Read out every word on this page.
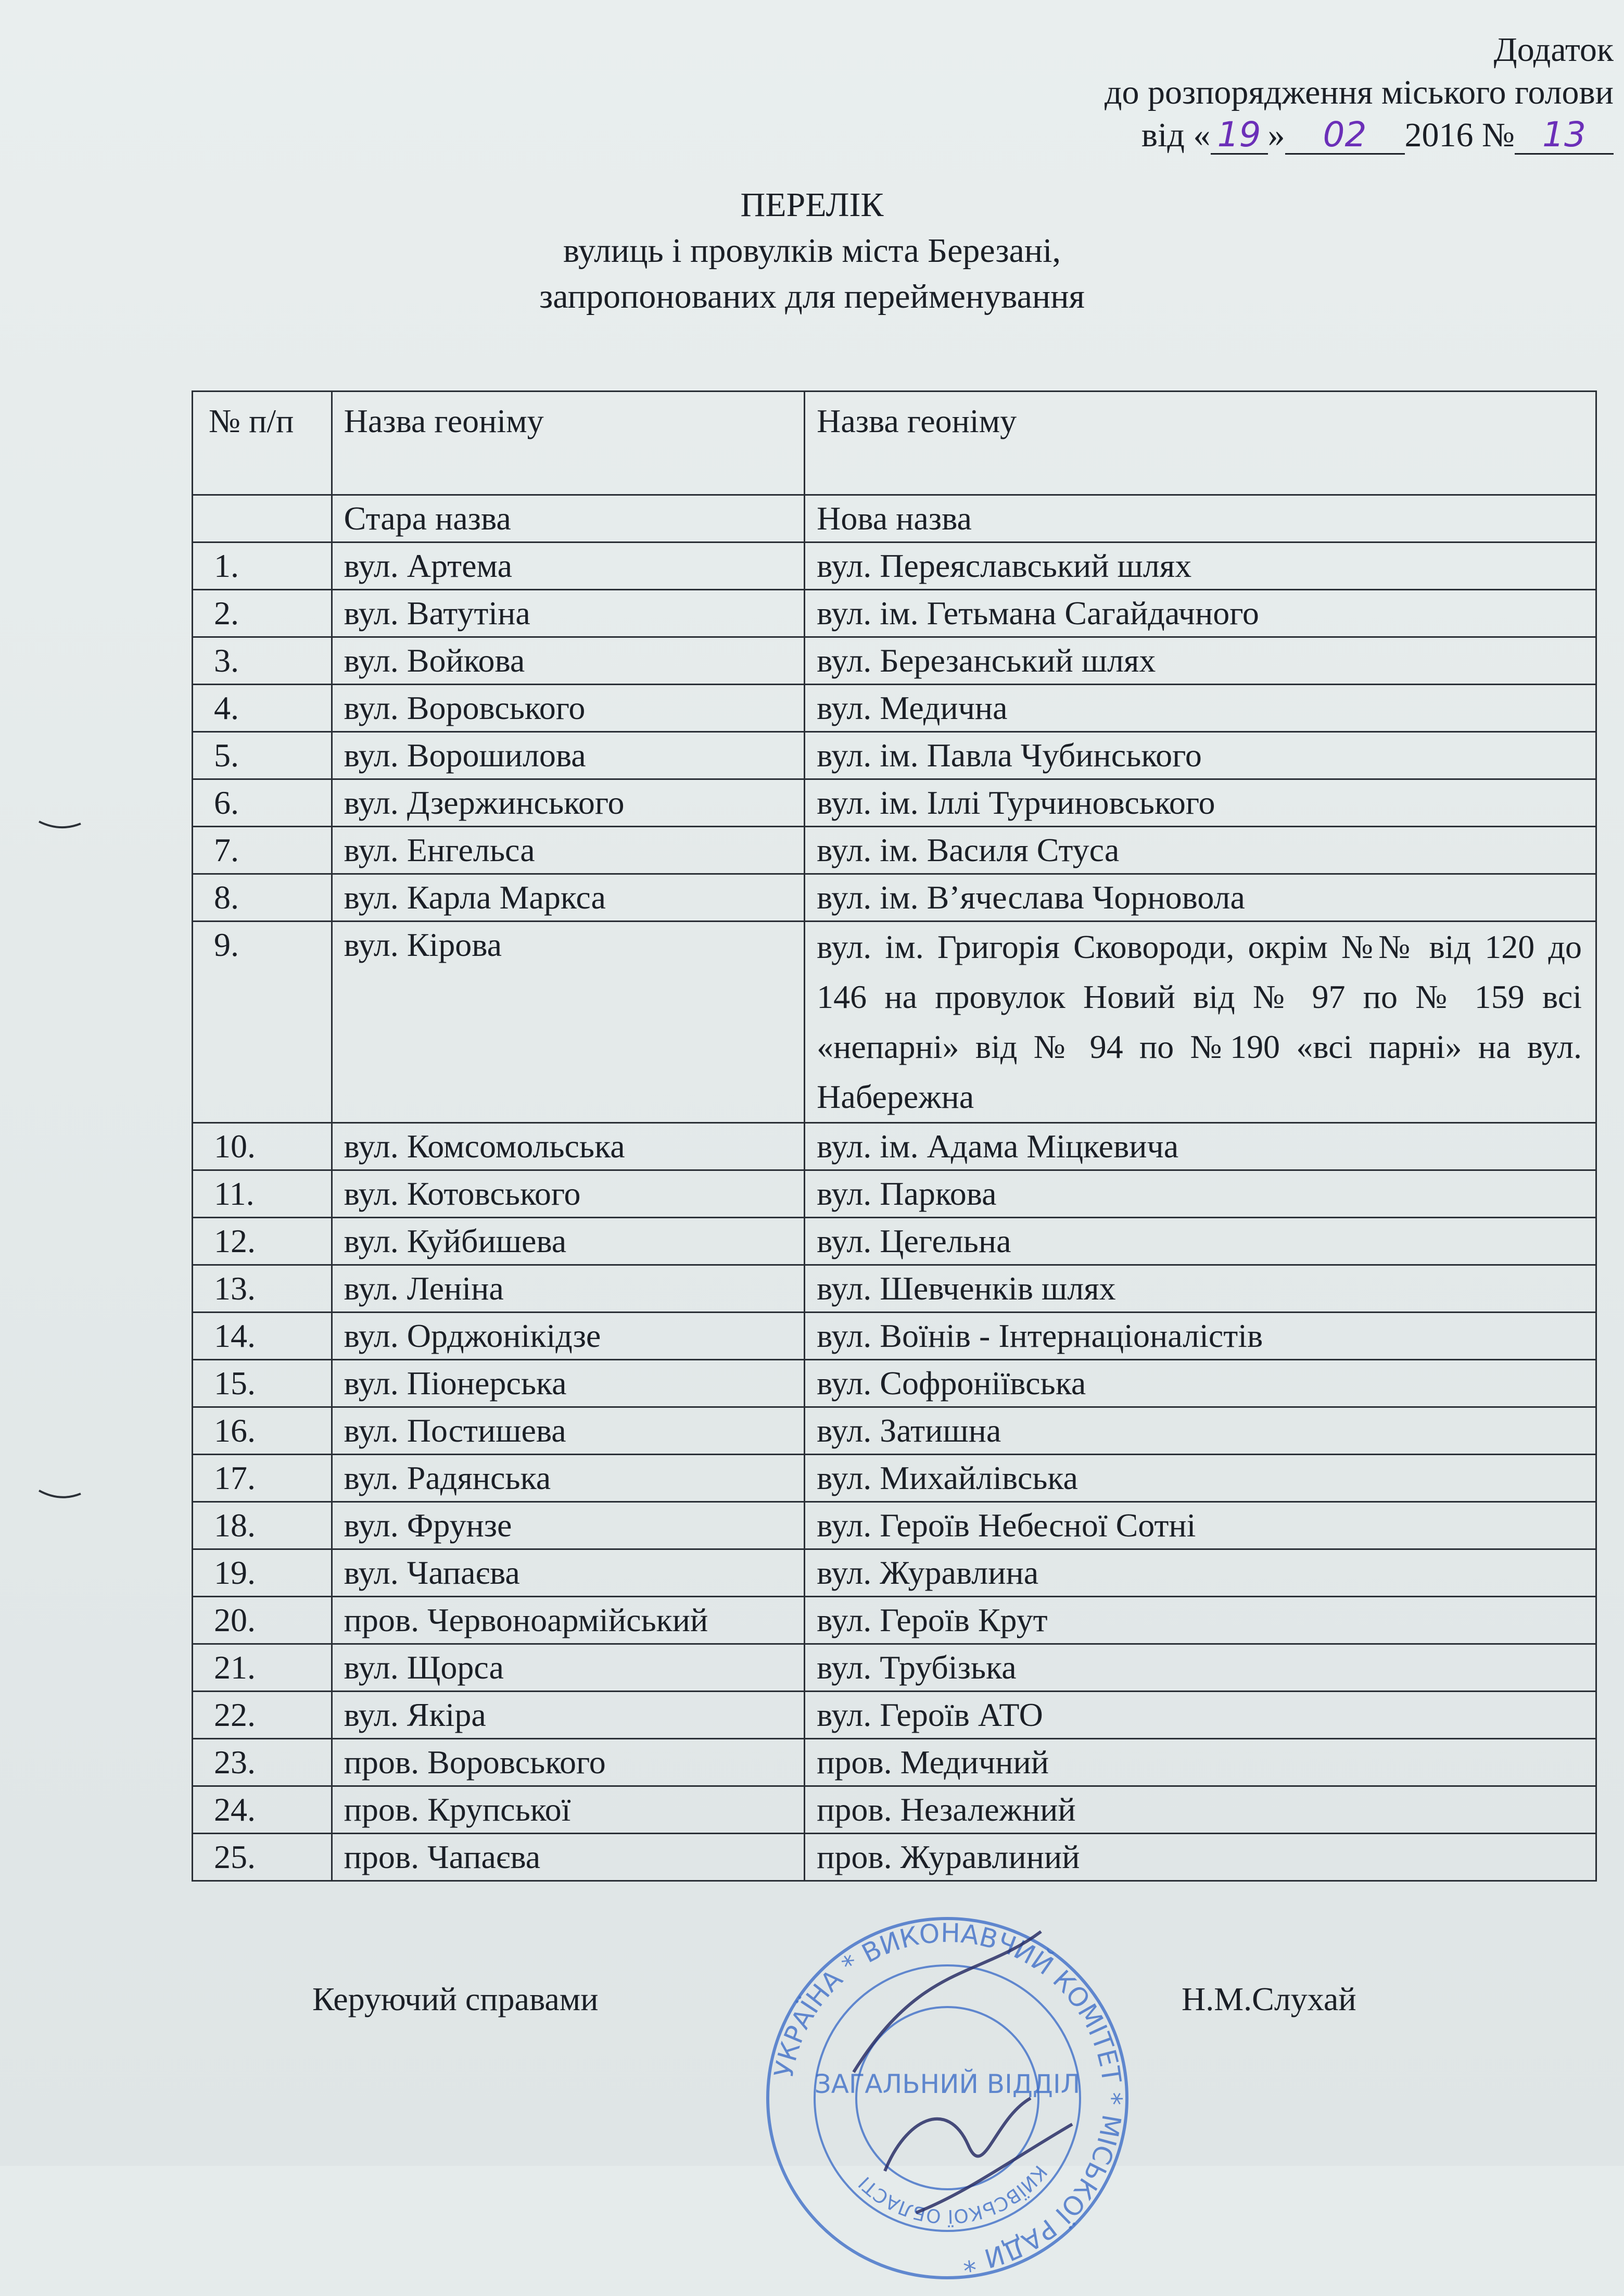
Додаток
до розпорядження міського голови
від « 19 » 02 2016 № 13
ПЕРЕЛІК
вулиць і провулків міста Березані,
запропонованих для перейменування
№ п/п	Назва геоніму	Назва геоніму
	Стара назва	Нова назва
1.	вул. Артема	вул. Переяславський шлях
2.	вул. Ватутіна	вул. ім. Гетьмана Сагайдачного
3.	вул. Войкова	вул. Березанський шлях
4.	вул. Воровського	вул. Медична
5.	вул. Ворошилова	вул. ім. Павла Чубинського
6.	вул. Дзержинського	вул. ім. Іллі Турчиновського
7.	вул. Енгельса	вул. ім. Василя Стуса
8.	вул. Карла Маркса	вул. ім. В’ячеслава Чорновола
9.	вул. Кірова	вул. ім. Григорія Сковороди, окрім №№ від 120 до 146 на провулок Новий від № 97 по № 159 всі «непарні» від № 94 по №190 «всі парні» на вул. Набережна
10.	вул. Комсомольська	вул. ім. Адама Міцкевича
11.	вул. Котовського	вул. Паркова
12.	вул. Куйбишева	вул. Цегельна
13.	вул. Леніна	вул. Шевченків шлях
14.	вул. Орджонікідзе	вул. Воїнів - Інтернаціоналістів
15.	вул. Піонерська	вул. Софроніївська
16.	вул. Постишева	вул. Затишна
17.	вул. Радянська	вул. Михайлівська
18.	вул. Фрунзе	вул. Героїв Небесної Сотні
19.	вул. Чапаєва	вул. Журавлина
20.	пров. Червоноармійський	вул. Героїв Крут
21.	вул. Щорса	вул. Трубізька
22.	вул. Якіра	вул. Героїв АТО
23.	пров. Воровського	пров. Медичний
24.	пров. Крупської	пров. Незалежний
25.	пров. Чапаєва	пров. Журавлиний
Керуючий справами	Н.М.Слухай
УКРАЇНА * ВИКОНАВЧИЙ КОМІТЕТ * МІСЬКОЇ РАДИ *
КИЇВСЬКОЇ ОБЛАСТІ
ЗАГАЛЬНИЙ ВІДДІЛ
